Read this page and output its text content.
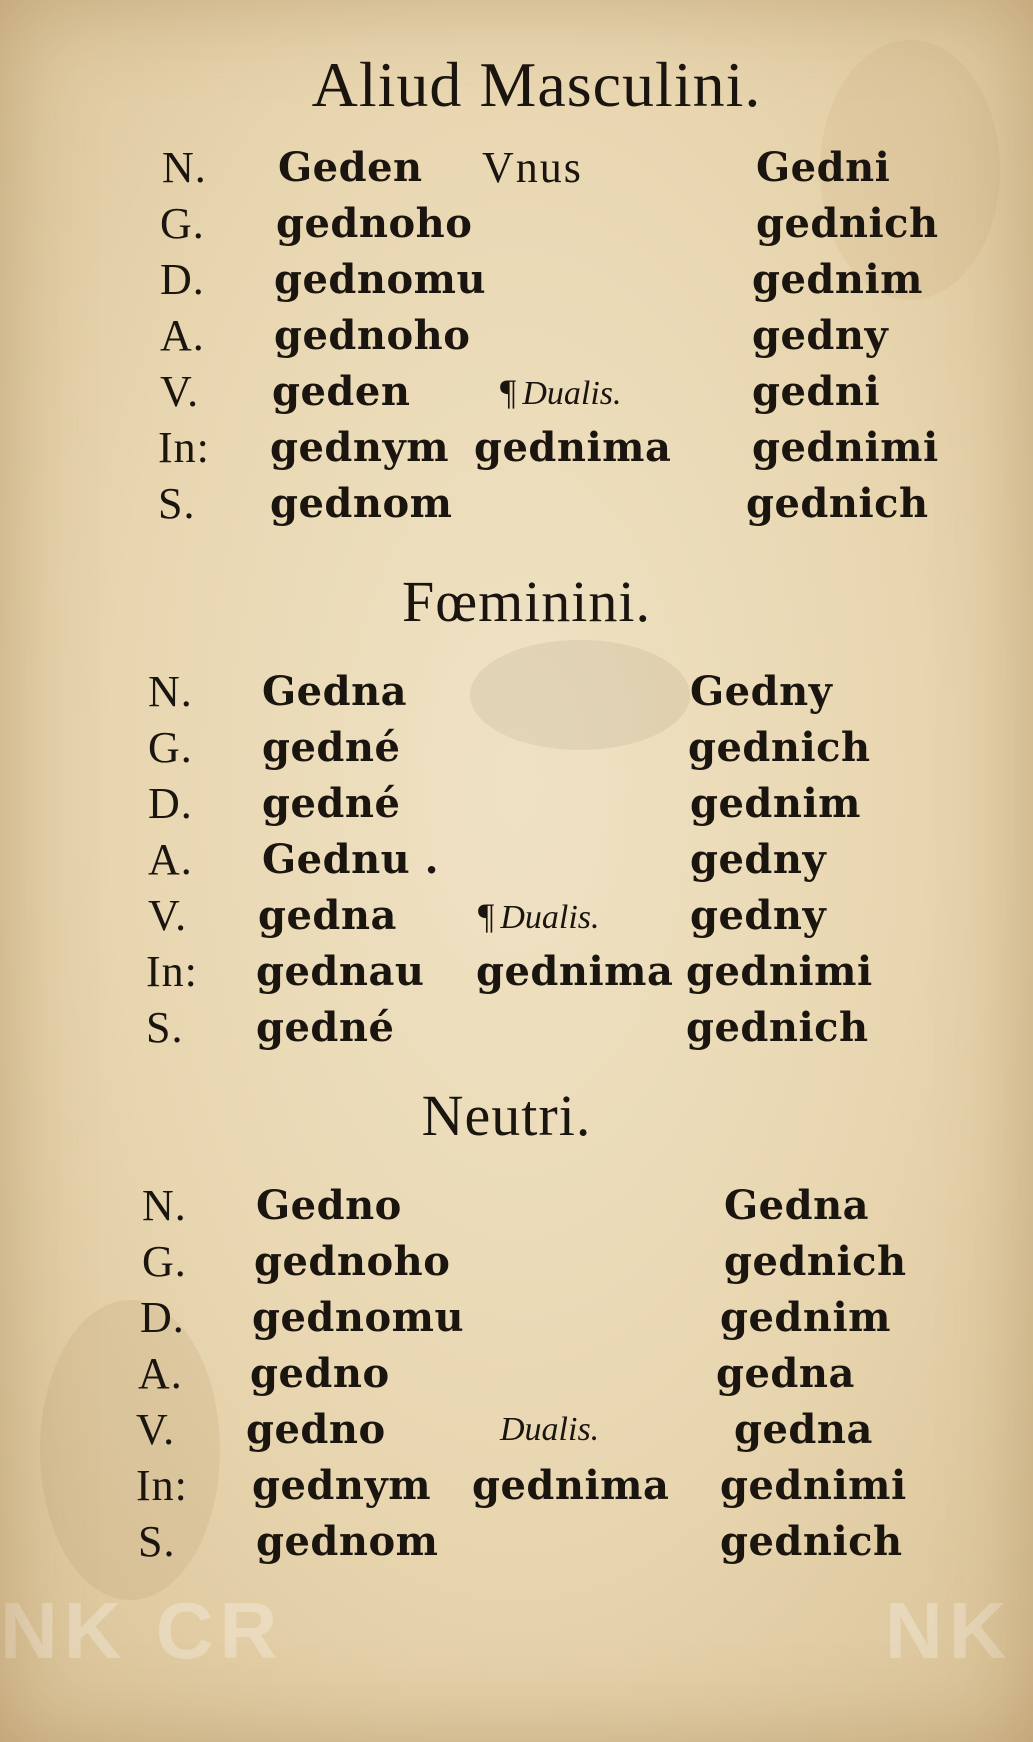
Aliud Masculini.
N. Geden Vnus	Gedni
G. gednoho	gednich
D. gednomu	gednim
A. gednoho	gedny
V. geden ¶ Dualis.	gedni
In: gednym gednima gednimi
S. gednom	gednich
Fœminini.
N. Gedna	Gedny
G. gedné	gednich
D. gedné	gednim
A. Gednu .	gedny
V. gedna ¶ Dualis. gedny
In: gednau gednima gednimi
S. gedné	gednich
Neutri.
N. Gedno	Gedna
G. gednoho	gednich
D. gednomu	gednim
A. gedno	gedna
V. gedno	Dualis.	gedna
In: gednym gednima gednimi
S. gednom	gednich
NK CR	NK
